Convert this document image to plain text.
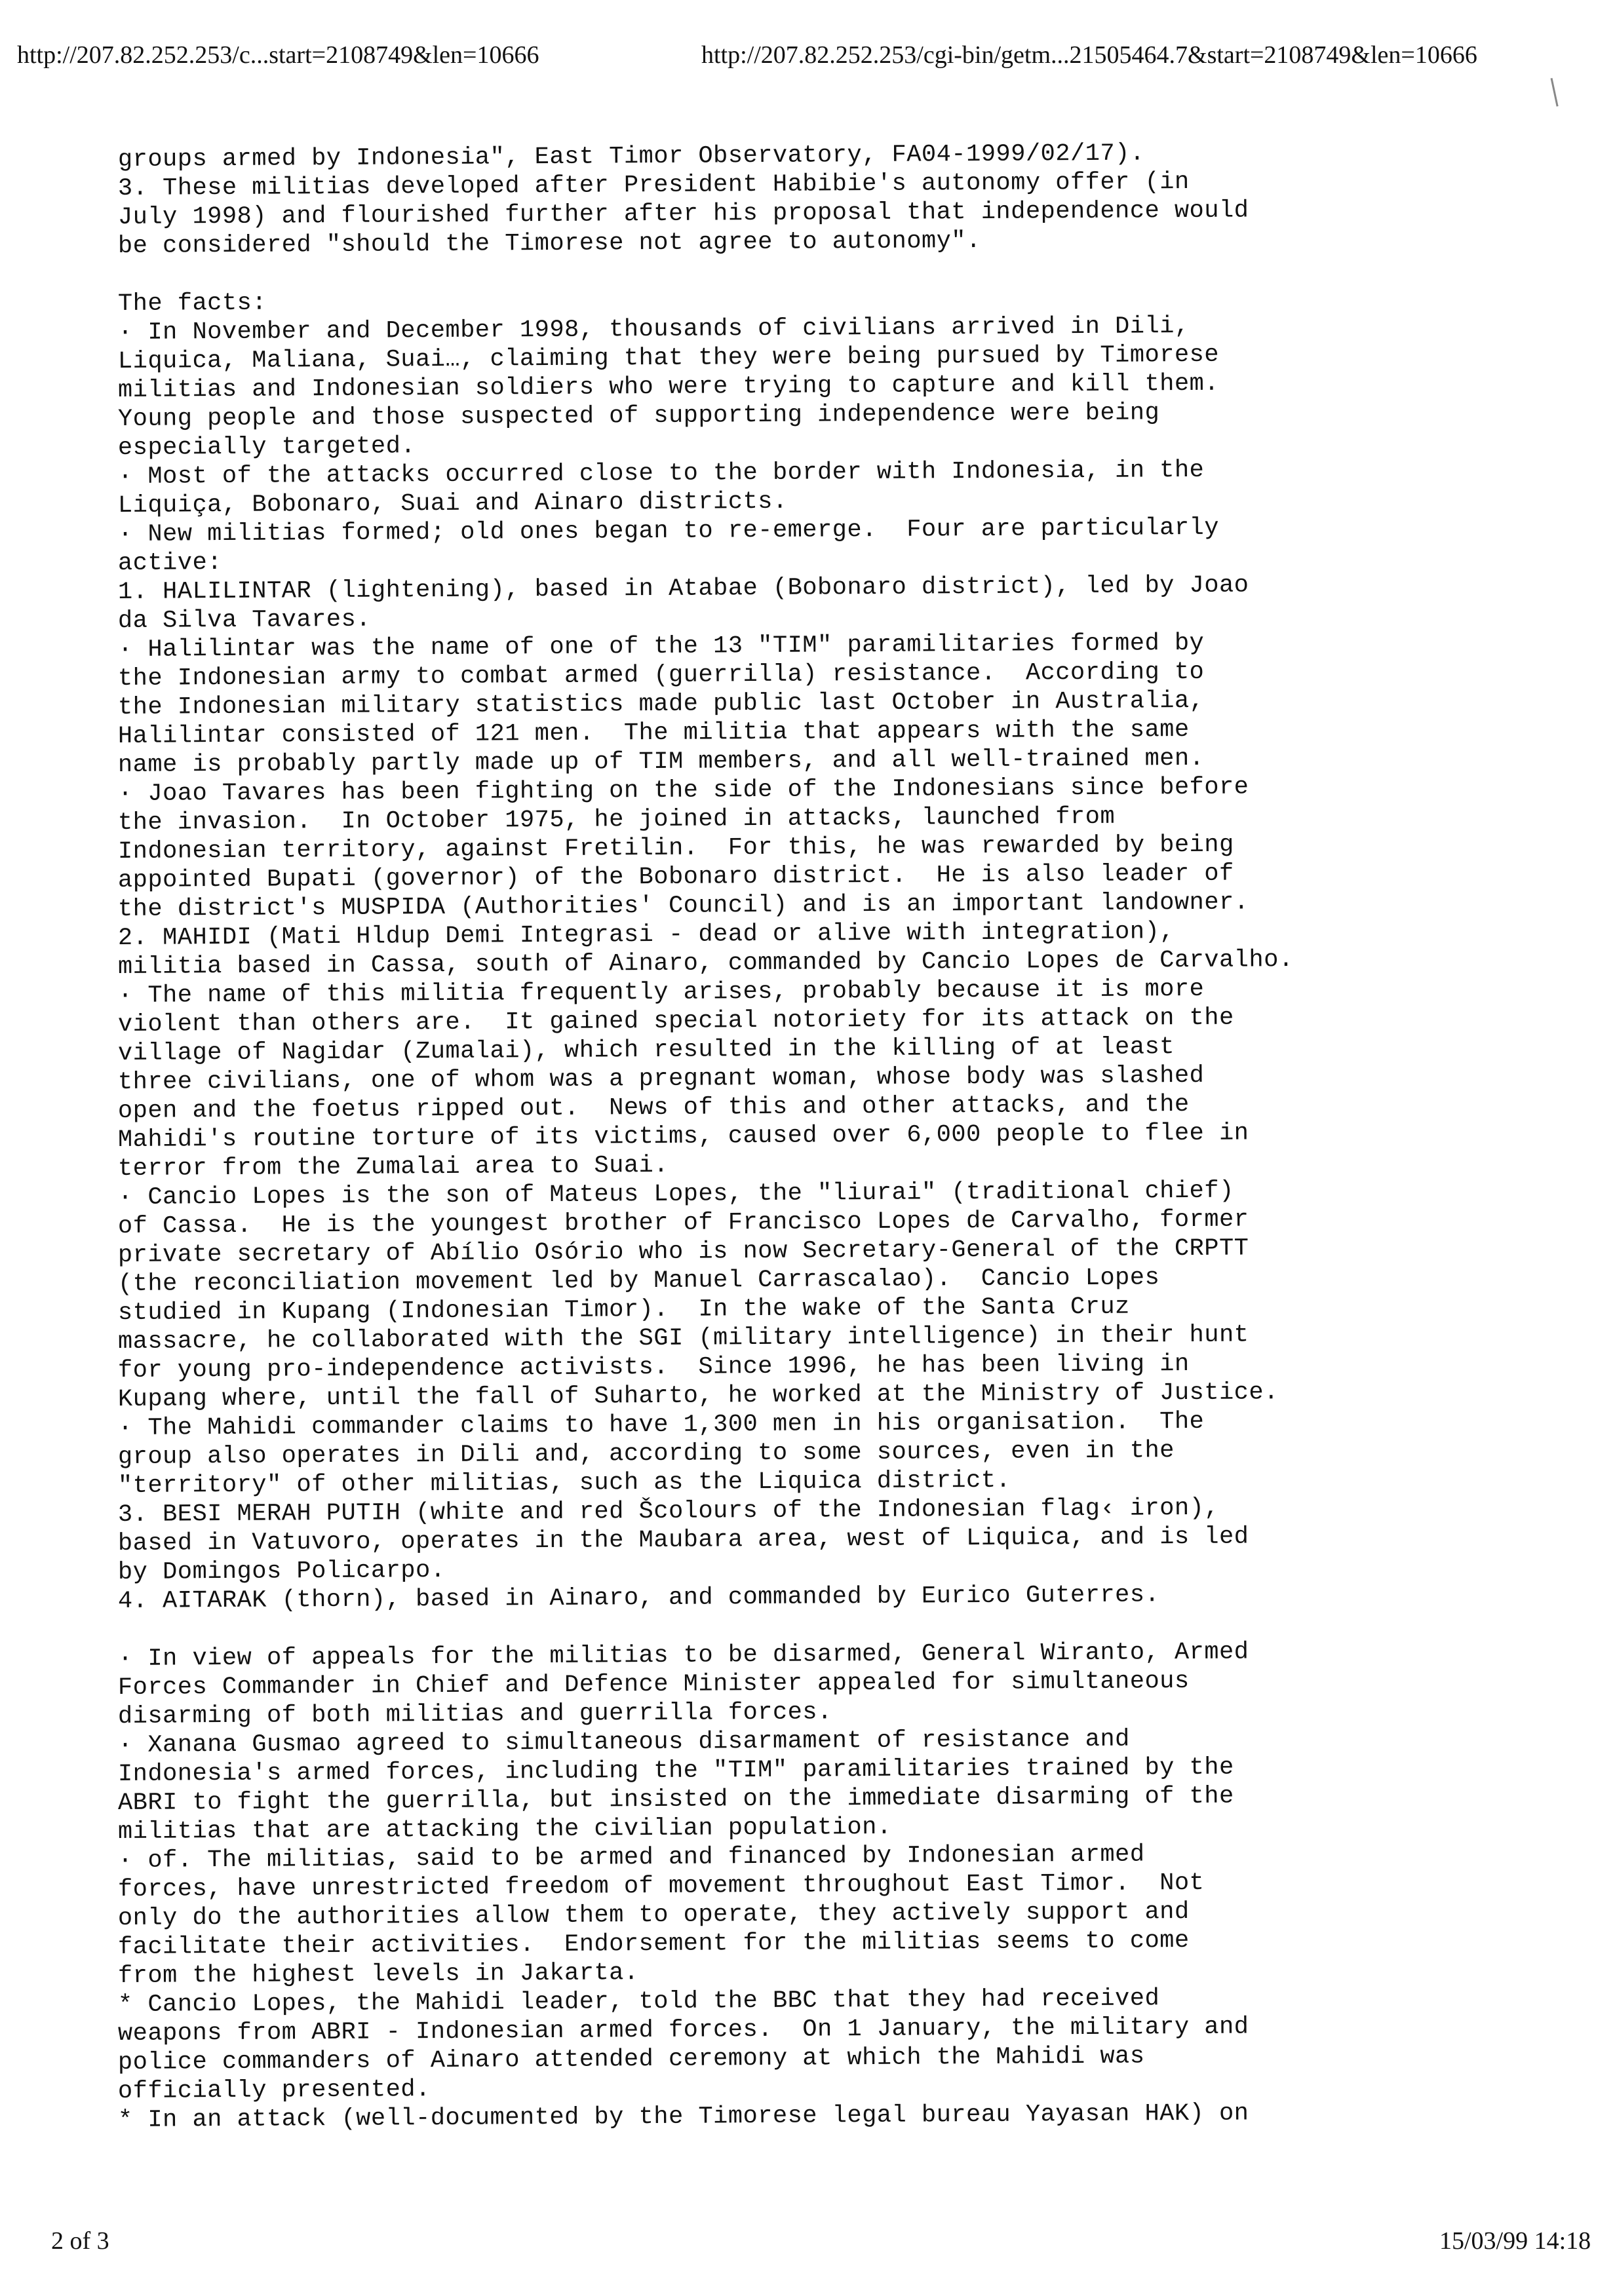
http://207.82.252.253/c...start=2108749&len=10666	http://207.82.252.253/cgi-bin/getm...21505464.7&start=2108749&len=10666
groups armed by Indonesia", East Timor Observatory, FA04-1999/02/17).
3. These militias developed after President Habibie's autonomy offer (in
July 1998) and flourished further after his proposal that independence would
be considered "should the Timorese not agree to autonomy".
The facts:
· In November and December 1998, thousands of civilians arrived in Dili,
Liquica, Maliana, Suai…, claiming that they were being pursued by Timorese
militias and Indonesian soldiers who were trying to capture and kill them.
Young people and those suspected of supporting independence were being
especially targeted.
· Most of the attacks occurred close to the border with Indonesia, in the
Liquiça, Bobonaro, Suai and Ainaro districts.
· New militias formed; old ones began to re-emerge.  Four are particularly
active:
1. HALILINTAR (lightening), based in Atabae (Bobonaro district), led by Joao
da Silva Tavares.
· Halilintar was the name of one of the 13 "TIM" paramilitaries formed by
the Indonesian army to combat armed (guerrilla) resistance.  According to
the Indonesian military statistics made public last October in Australia,
Halilintar consisted of 121 men.  The militia that appears with the same
name is probably partly made up of TIM members, and all well-trained men.
· Joao Tavares has been fighting on the side of the Indonesians since before
the invasion.  In October 1975, he joined in attacks, launched from
Indonesian territory, against Fretilin.  For this, he was rewarded by being
appointed Bupati (governor) of the Bobonaro district.  He is also leader of
the district's MUSPIDA (Authorities' Council) and is an important landowner.
2. MAHIDI (Mati Hldup Demi Integrasi - dead or alive with integration),
militia based in Cassa, south of Ainaro, commanded by Cancio Lopes de Carvalho.
· The name of this militia frequently arises, probably because it is more
violent than others are.  It gained special notoriety for its attack on the
village of Nagidar (Zumalai), which resulted in the killing of at least
three civilians, one of whom was a pregnant woman, whose body was slashed
open and the foetus ripped out.  News of this and other attacks, and the
Mahidi's routine torture of its victims, caused over 6,000 people to flee in
terror from the Zumalai area to Suai.
· Cancio Lopes is the son of Mateus Lopes, the "liurai" (traditional chief)
of Cassa.  He is the youngest brother of Francisco Lopes de Carvalho, former
private secretary of Abílio Osório who is now Secretary-General of the CRPTT
(the reconciliation movement led by Manuel Carrascalao).  Cancio Lopes
studied in Kupang (Indonesian Timor).  In the wake of the Santa Cruz
massacre, he collaborated with the SGI (military intelligence) in their hunt
for young pro-independence activists.  Since 1996, he has been living in
Kupang where, until the fall of Suharto, he worked at the Ministry of Justice.
· The Mahidi commander claims to have 1,300 men in his organisation.  The
group also operates in Dili and, according to some sources, even in the
"territory" of other militias, such as the Liquica district.
3. BESI MERAH PUTIH (white and red Šcolours of the Indonesian flag‹ iron),
based in Vatuvoro, operates in the Maubara area, west of Liquica, and is led
by Domingos Policarpo.
4. AITARAK (thorn), based in Ainaro, and commanded by Eurico Guterres.
· In view of appeals for the militias to be disarmed, General Wiranto, Armed
Forces Commander in Chief and Defence Minister appealed for simultaneous
disarming of both militias and guerrilla forces.
· Xanana Gusmao agreed to simultaneous disarmament of resistance and
Indonesia's armed forces, including the "TIM" paramilitaries trained by the
ABRI to fight the guerrilla, but insisted on the immediate disarming of the
militias that are attacking the civilian population.
· of. The militias, said to be armed and financed by Indonesian armed
forces, have unrestricted freedom of movement throughout East Timor.  Not
only do the authorities allow them to operate, they actively support and
facilitate their activities.  Endorsement for the militias seems to come
from the highest levels in Jakarta.
* Cancio Lopes, the Mahidi leader, told the BBC that they had received
weapons from ABRI - Indonesian armed forces.  On 1 January, the military and
police commanders of Ainaro attended ceremony at which the Mahidi was
officially presented.
* In an attack (well-documented by the Timorese legal bureau Yayasan HAK) on
2 of 3	15/03/99 14:18
